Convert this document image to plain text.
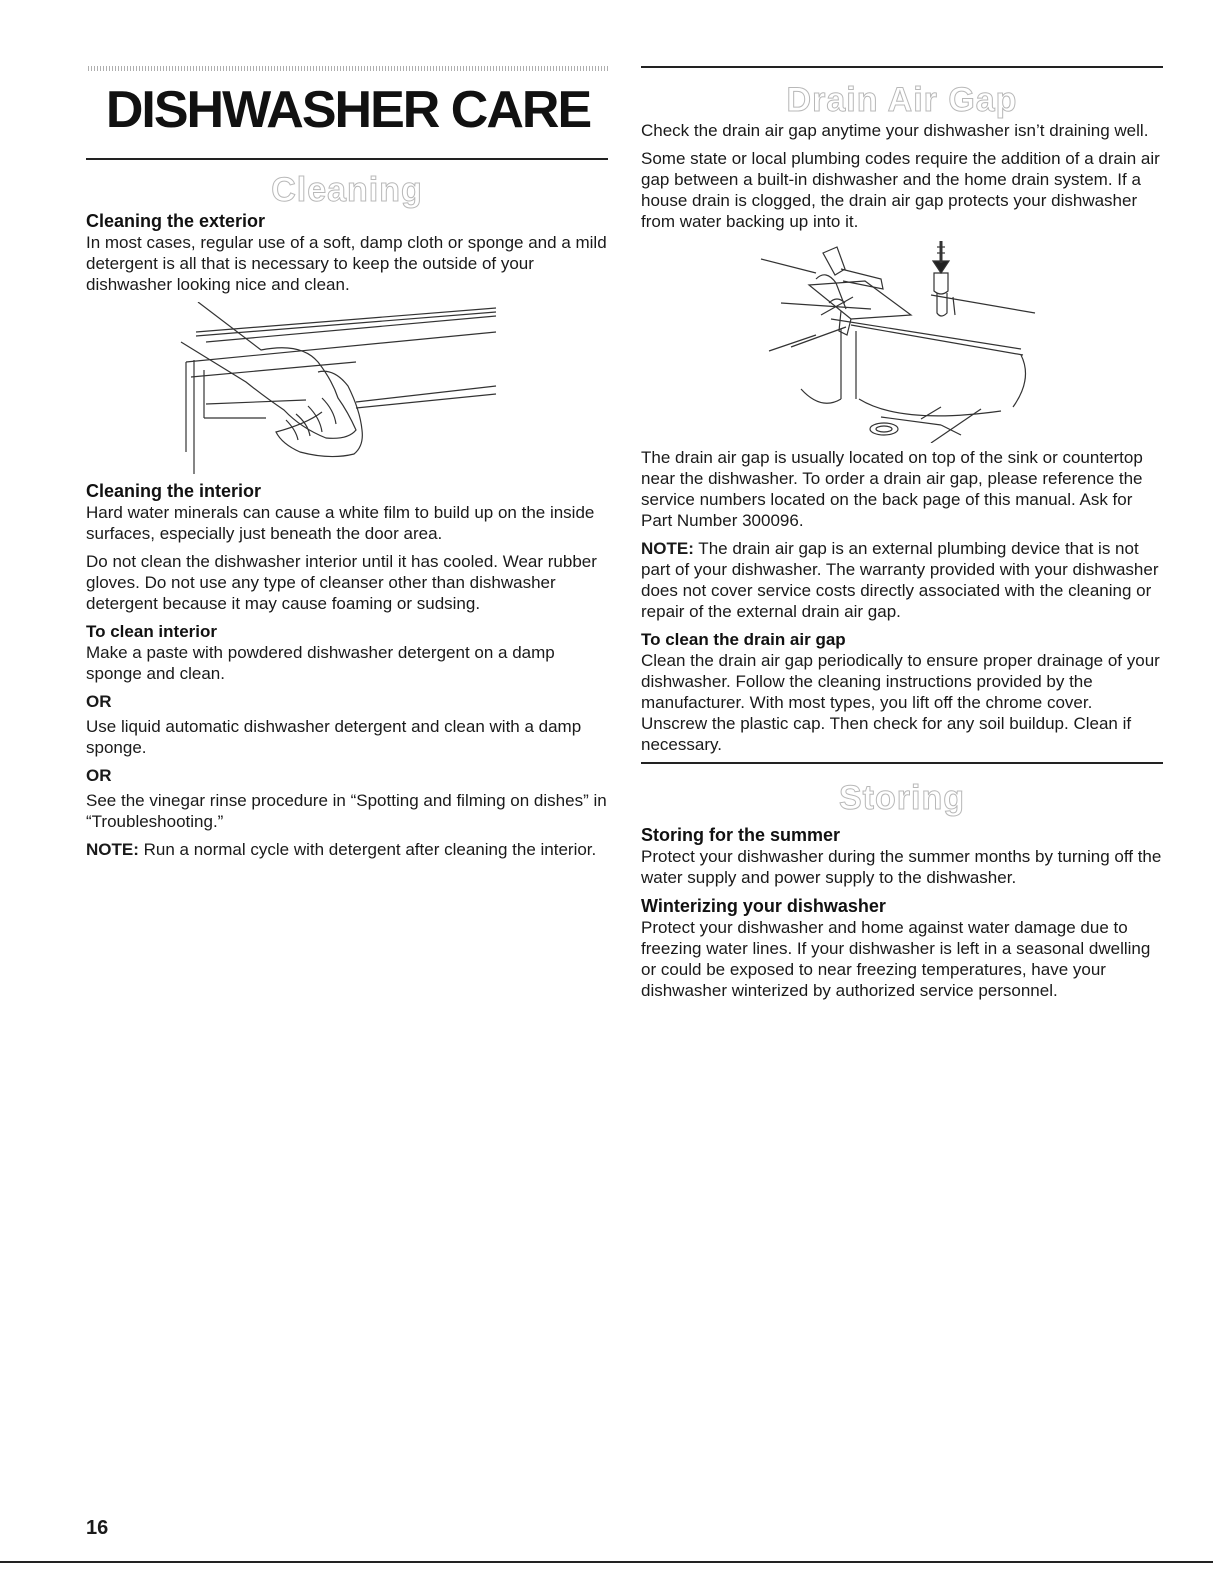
DISHWASHER CARE
Cleaning
Cleaning the exterior

In most cases, regular use of a soft, damp cloth or sponge and a mild detergent is all that is necessary to keep the outside of your dishwasher looking nice and clean.

Cleaning the interior

Hard water minerals can cause a white film to build up on the inside surfaces, especially just beneath the door area.

Do not clean the dishwasher interior until it has cooled. Wear rubber gloves. Do not use any type of cleanser other than dishwasher detergent because it may cause foaming or sudsing.

To clean interior

Make a paste with powdered dishwasher detergent on a damp sponge and clean.

OR

Use liquid automatic dishwasher detergent and clean with a damp sponge.

OR

See the vinegar rinse procedure in “Spotting and filming on dishes” in “Troubleshooting.”

NOTE: Run a normal cycle with detergent after cleaning the interior.

Drain Air Gap

Check the drain air gap anytime your dishwasher isn’t draining well.

Some state or local plumbing codes require the addition of a drain air gap between a built-in dishwasher and the home drain system. If a house drain is clogged, the drain air gap protects your dishwasher from water backing up into it.

The drain air gap is usually located on top of the sink or countertop near the dishwasher. To order a drain air gap, please reference the service numbers located on the back page of this manual. Ask for Part Number 300096.

NOTE: The drain air gap is an external plumbing device that is not part of your dishwasher. The warranty provided with your dishwasher does not cover service costs directly associated with the cleaning or repair of the external drain air gap.

To clean the drain air gap

Clean the drain air gap periodically to ensure proper drainage of your dishwasher. Follow the cleaning instructions provided by the manufacturer. With most types, you lift off the chrome cover. Unscrew the plastic cap. Then check for any soil buildup. Clean if necessary.

Storing
Storing for the summer

Protect your dishwasher during the summer months by turning off the water supply and power supply to the dishwasher.

Winterizing your dishwasher

Protect your dishwasher and home against water damage due to freezing water lines. If your dishwasher is left in a seasonal dwelling or could be exposed to near freezing temperatures, have your dishwasher winterized by authorized service personnel.

16
